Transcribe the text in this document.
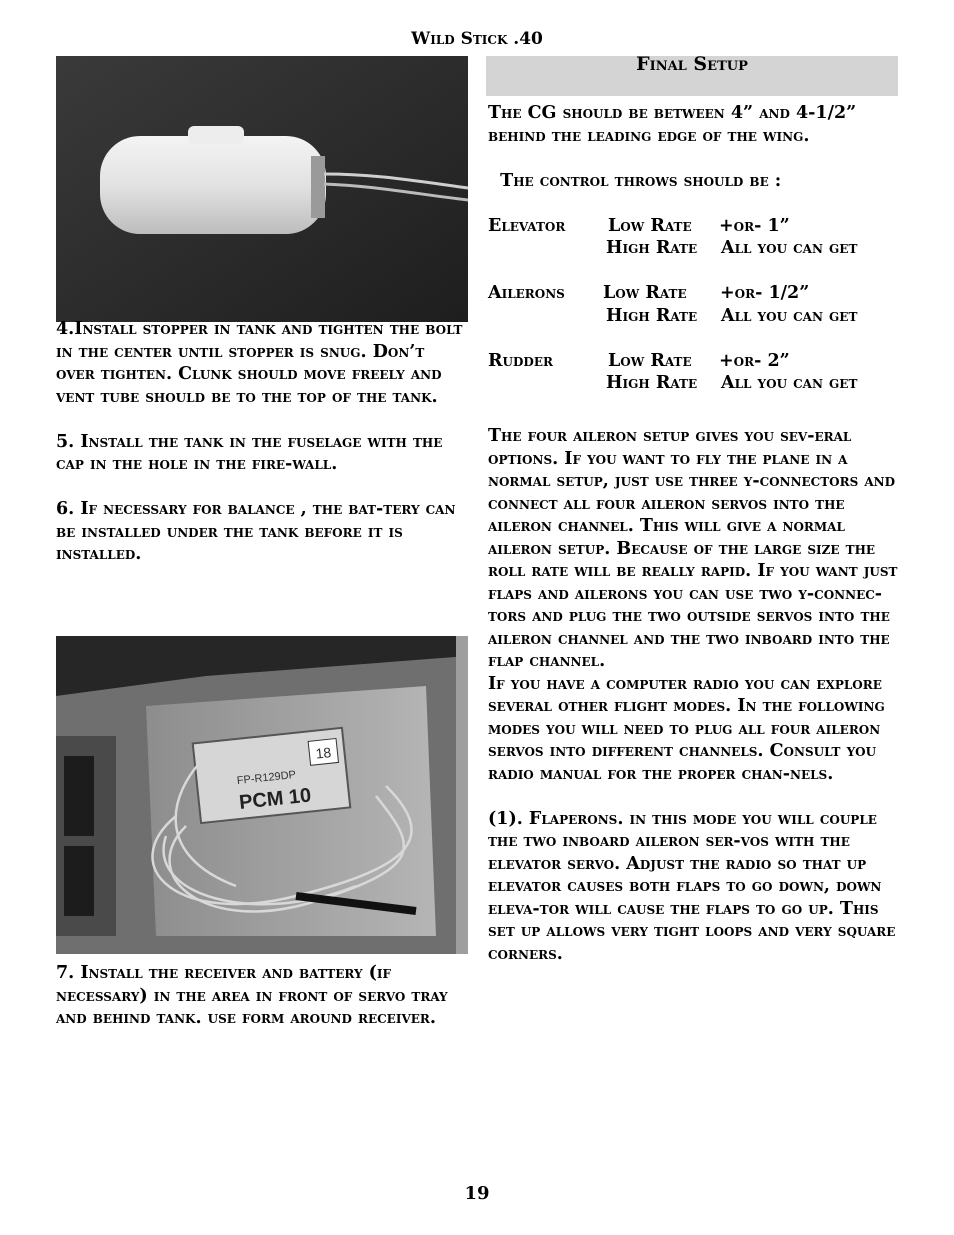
Wild Stick .40

4.Install stopper in tank and tighten the bolt in the center until stopper is snug. Don’t over tighten. Clunk should move freely and vent tube should be to the top of the tank.

5. Install the tank in the fuselage with the cap in the hole in the fire-wall.

6. If necessary for balance , the bat-tery can be installed under the tank before it is installed.

18
PCM 10
FP-R129DP

7. Install the receiver and battery (if necessary) in the area in front of servo tray and behind tank. use form around receiver.

Final Setup

The CG should be between 4” and 4-1/2” behind the leading edge of the wing.

The control throws should be :

Elevator Low Rate +or- 1”
High Rate All you can get
Ailerons Low Rate +or- 1/2”
High Rate All you can get
Rudder	Low Rate +or- 2”
High Rate All you can get

The four aileron setup gives you sev-eral options. If you want to fly the plane in a normal setup, just use three y-connectors and connect all four aileron servos into the aileron channel. This will give a normal aileron setup. Because of the large size the roll rate will be really rapid. If you want just flaps and ailerons you can use two y-connec-tors and plug the two outside servos into the aileron channel and the two inboard into the flap channel.

If you have a computer radio you can explore several other flight modes. In the following modes you will need to plug all four aileron servos into different channels. Consult you radio manual for the proper chan-nels.

(1). Flaperons. in this mode you will couple the two inboard aileron ser-vos with the elevator servo. Adjust the radio so that up elevator causes both flaps to go down, down eleva-tor will cause the flaps to go up. This set up allows very tight loops and very square corners.

19
